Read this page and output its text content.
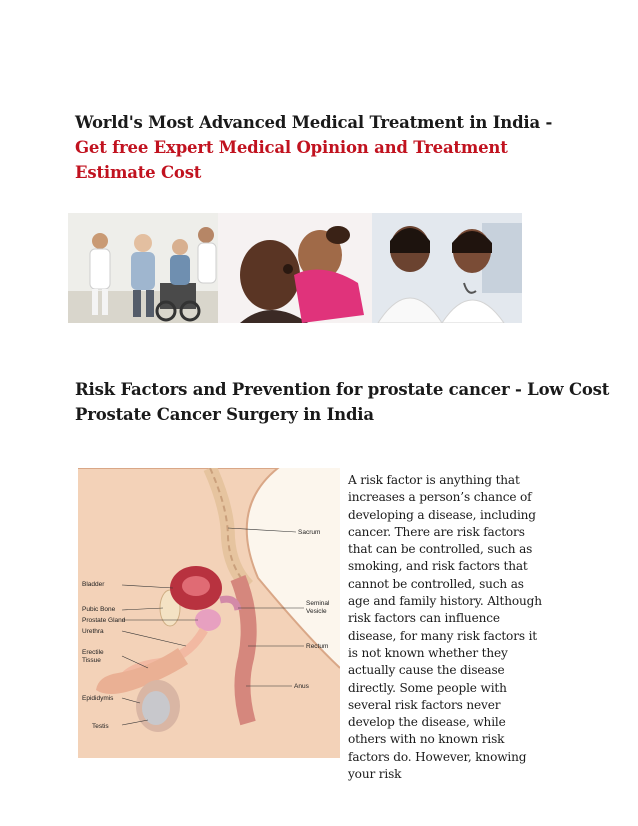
World's Most Advanced Medical Treatment in India - Get free Expert Medical Opinion and Treatment Estimate Cost
Risk Factors and Prevention for prostate cancer - Low Cost Prostate Cancer Surgery in India
Bladder
Pubic Bone
Prostate Gland
Urethra
Erectile
Tissue
Epididymis
Testis
Sacrum
Seminal
Vesicle
Rectum
Anus

A risk factor is anything that increases a person’s chance of developing a disease, including cancer. There are risk factors that can be controlled, such as smoking, and risk factors that cannot be controlled, such as age and family history. Although risk factors can influence disease, for many risk factors it is not known whether they actually cause the disease directly. Some people with several risk factors never develop the disease, while others with no known risk factors do. However, knowing your risk
